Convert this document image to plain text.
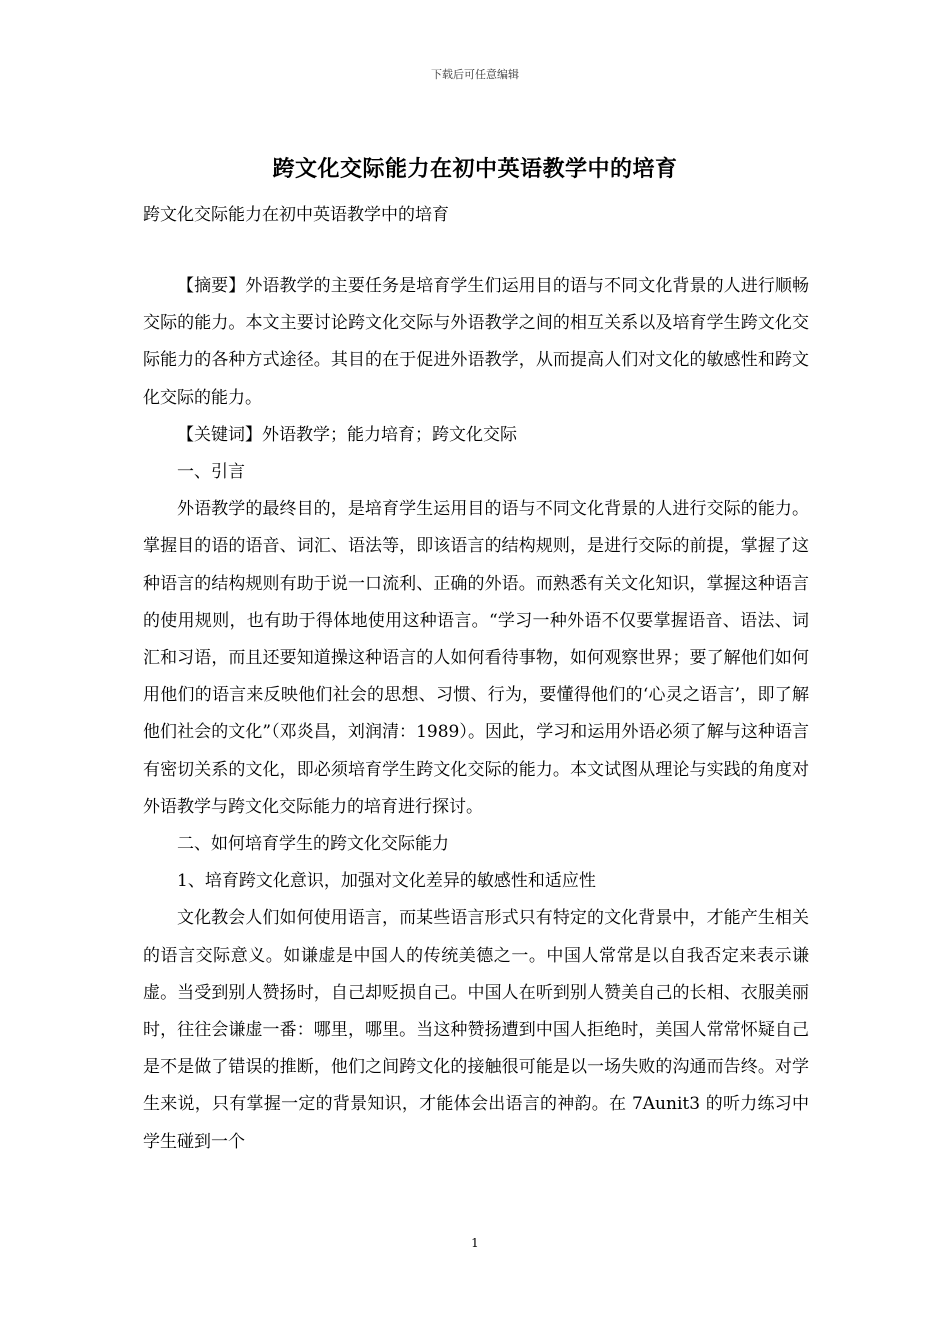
下载后可任意编辑
跨文化交际能力在初中英语教学中的培育
跨文化交际能力在初中英语教学中的培育

【摘要】外语教学的主要任务是培育学生们运用目的语与不同文化背景的人进行顺畅交际的能力。本文主要讨论跨文化交际与外语教学之间的相互关系以及培育学生跨文化交际能力的各种方式途径。其目的在于促进外语教学，从而提高人们对文化的敏感性和跨文化交际的能力。

【关键词】外语教学；能力培育；跨文化交际

一、引言

外语教学的最终目的，是培育学生运用目的语与不同文化背景的人进行交际的能力。掌握目的语的语音、词汇、语法等，即该语言的结构规则，是进行交际的前提，掌握了这种语言的结构规则有助于说一口流利、正确的外语。而熟悉有关文化知识，掌握这种语言的使用规则，也有助于得体地使用这种语言。“学习一种外语不仅要掌握语音、语法、词汇和习语，而且还要知道操这种语言的人如何看待事物，如何观察世界；要了解他们如何用他们的语言来反映他们社会的思想、习惯、行为，要懂得他们的‘心灵之语言’，即了解他们社会的文化”（邓炎昌，刘润清：1989）。因此，学习和运用外语必须了解与这种语言有密切关系的文化，即必须培育学生跨文化交际的能力。本文试图从理论与实践的角度对外语教学与跨文化交际能力的培育进行探讨。

二、如何培育学生的跨文化交际能力

1、培育跨文化意识，加强对文化差异的敏感性和适应性

文化教会人们如何使用语言，而某些语言形式只有特定的文化背景中，才能产生相关的语言交际意义。如谦虚是中国人的传统美德之一。中国人常常是以自我否定来表示谦虚。当受到别人赞扬时，自己却贬损自己。中国人在听到别人赞美自己的长相、衣服美丽时，往往会谦虚一番：哪里，哪里。当这种赞扬遭到中国人拒绝时，美国人常常怀疑自己是不是做了错误的推断，他们之间跨文化的接触很可能是以一场失败的沟通而告终。对学生来说，只有掌握一定的背景知识，才能体会出语言的神韵。在 7Aunit3 的听力练习中学生碰到一个

1
